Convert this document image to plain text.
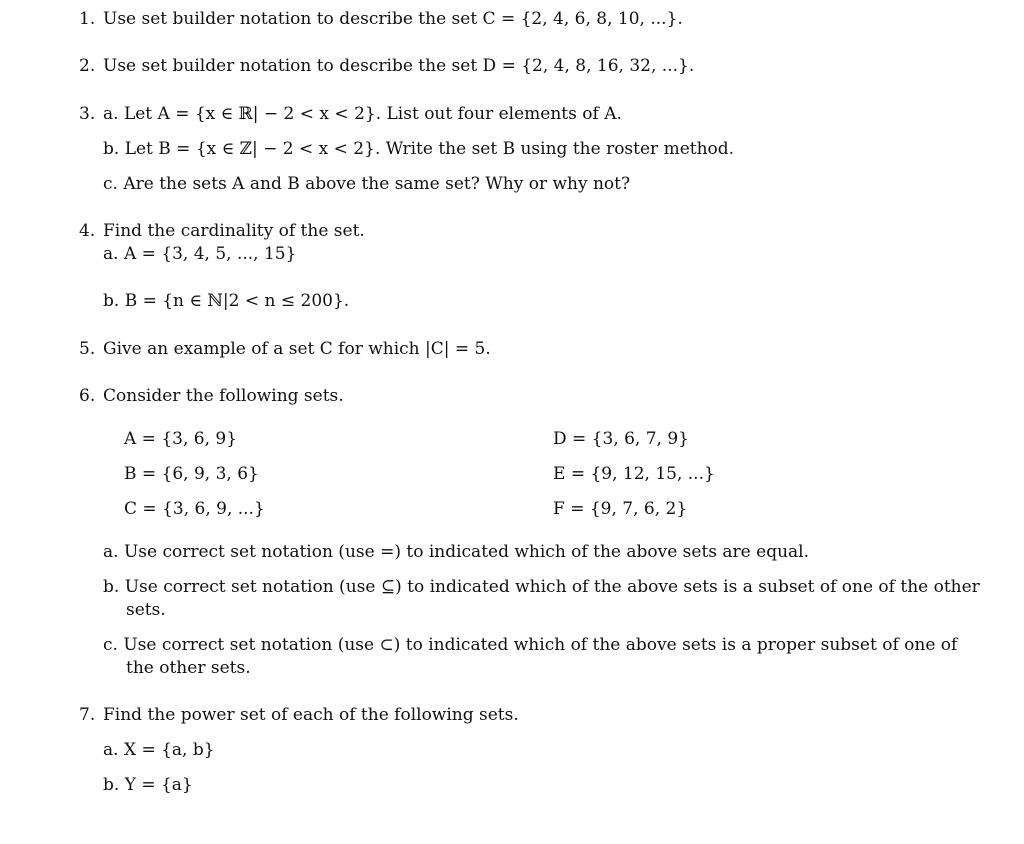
1. Use set builder notation to describe the set C = {2, 4, 6, 8, 10, ...}.
2. Use set builder notation to describe the set D = {2, 4, 8, 16, 32, ...}.
3. a. Let A = {x ∈ ℝ| − 2 < x < 2}. List out four elements of A.
b. Let B = {x ∈ ℤ| − 2 < x < 2}. Write the set B using the roster method.
c. Are the sets A and B above the same set? Why or why not?
4. Find the cardinality of the set.
a. A = {3, 4, 5, ..., 15}
b. B = {n ∈ ℕ|2 < n ≤ 200}.
5. Give an example of a set C for which |C| = 5.
6. Consider the following sets.
A = {3, 6, 9}
B = {6, 9, 3, 6}
C = {3, 6, 9, ...}
D = {3, 6, 7, 9}
E = {9, 12, 15, ...}
F = {9, 7, 6, 2}
a. Use correct set notation (use =) to indicated which of the above sets are equal.
b. Use correct set notation (use ⊆) to indicated which of the above sets is a subset of one of the other
sets.
c. Use correct set notation (use ⊂) to indicated which of the above sets is a proper subset of one of
the other sets.
7. Find the power set of each of the following sets.
a. X = {a, b}
b. Y = {a}
